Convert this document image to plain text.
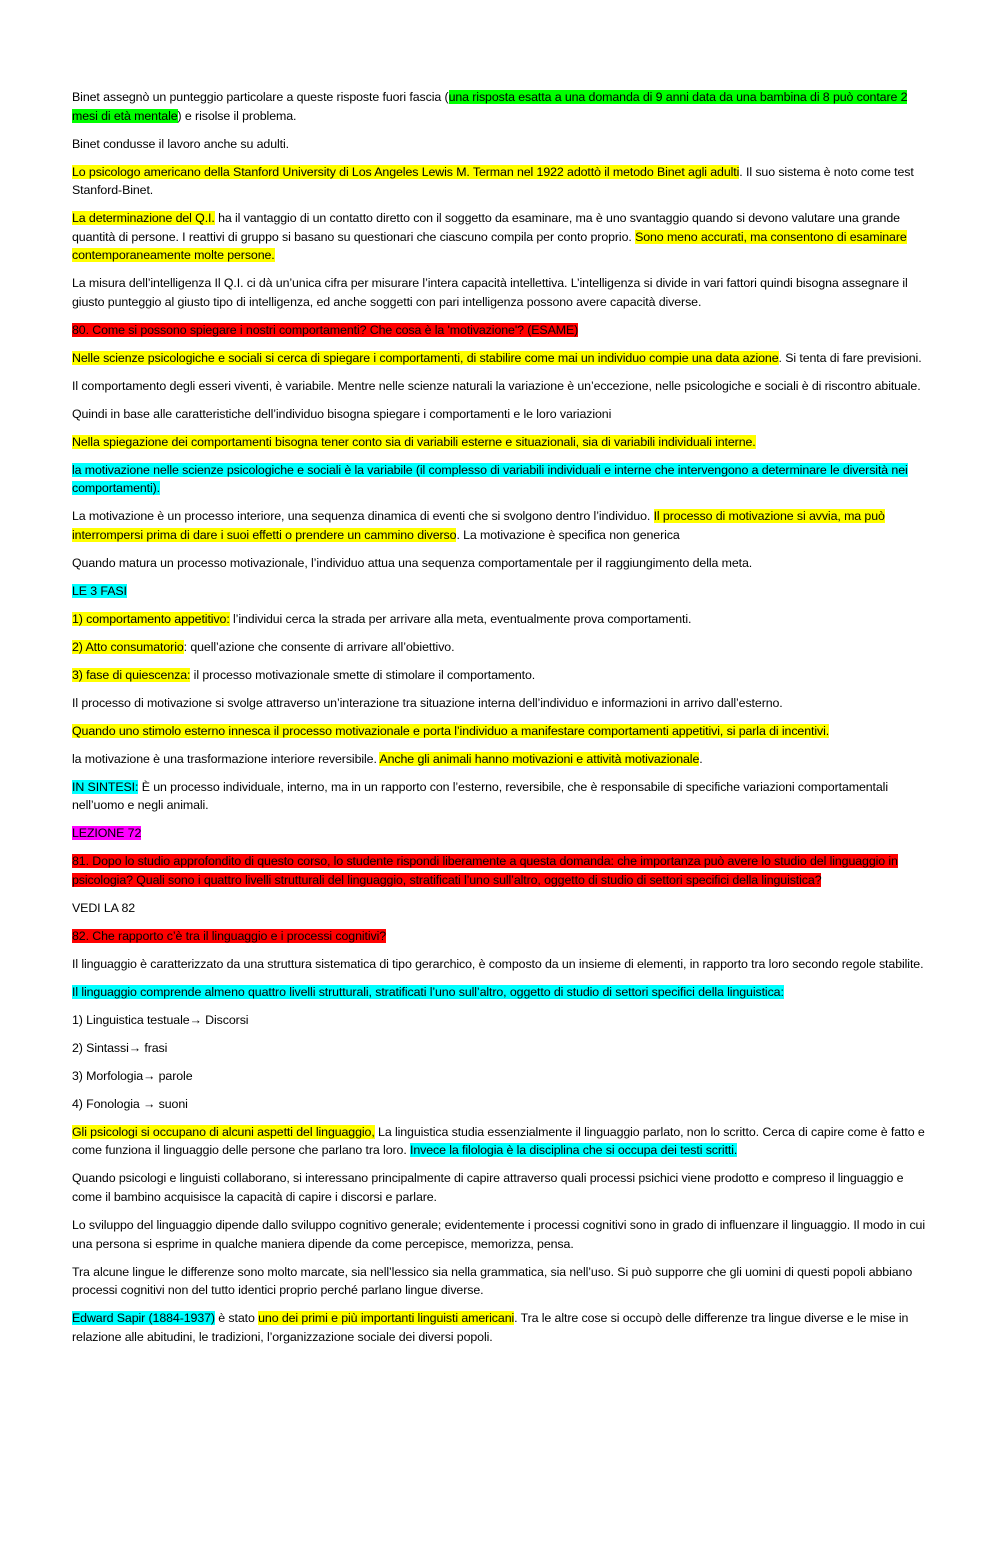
Binet assegnò un punteggio particolare a queste risposte fuori fascia (una risposta esatta a una domanda di 9 anni data da una bambina di 8 può contare 2 mesi di età mentale) e risolse il problema.

Binet condusse il lavoro anche su adulti.

Lo psicologo americano della Stanford University di Los Angeles Lewis M. Terman nel 1922 adottò il metodo Binet agli adulti. Il suo sistema è noto come test Stanford-Binet.

La determinazione del Q.I. ha il vantaggio di un contatto diretto con il soggetto da esaminare, ma è uno svantaggio quando si devono valutare una grande quantità di persone. I reattivi di gruppo si basano su questionari che ciascuno compila per conto proprio. Sono meno accurati, ma consentono di esaminare contemporaneamente molte persone.

La misura dell’intelligenza Il Q.I. ci dà un’unica cifra per misurare l’intera capacità intellettiva. L’intelligenza si divide in vari fattori quindi bisogna assegnare il giusto punteggio al giusto tipo di intelligenza, ed anche soggetti con pari intelligenza possono avere capacità diverse.

80. Come si possono spiegare i nostri comportamenti? Che cosa è la 'motivazione'? (ESAME)

Nelle scienze psicologiche e sociali si cerca di spiegare i comportamenti, di stabilire come mai un individuo compie una data azione. Si tenta di fare previsioni.

Il comportamento degli esseri viventi, è variabile. Mentre nelle scienze naturali la variazione è un’eccezione, nelle psicologiche e sociali è di riscontro abituale.

Quindi in base alle caratteristiche dell’individuo bisogna spiegare i comportamenti e le loro variazioni

Nella spiegazione dei comportamenti bisogna tener conto sia di variabili esterne e situazionali, sia di variabili individuali interne.

la motivazione nelle scienze psicologiche e sociali è la variabile (il complesso di variabili individuali e interne che intervengono a determinare le diversità nei comportamenti).

La motivazione è un processo interiore, una sequenza dinamica di eventi che si svolgono dentro l’individuo. Il processo di motivazione si avvia, ma può interrompersi prima di dare i suoi effetti o prendere un cammino diverso. La motivazione è specifica non generica

Quando matura un processo motivazionale, l’individuo attua una sequenza comportamentale per il raggiungimento della meta.

LE 3 FASI

1) comportamento appetitivo: l’individui cerca la strada per arrivare alla meta, eventualmente prova comportamenti.

2) Atto consumatorio: quell’azione che consente di arrivare all’obiettivo.

3) fase di quiescenza: il processo motivazionale smette di stimolare il comportamento.

Il processo di motivazione si svolge attraverso un’interazione tra situazione interna dell’individuo e informazioni in arrivo dall’esterno.

Quando uno stimolo esterno innesca il processo motivazionale e porta l’individuo a manifestare comportamenti appetitivi, si parla di incentivi.

la motivazione è una trasformazione interiore reversibile. Anche gli animali hanno motivazioni e attività motivazionale.

IN SINTESI: È un processo individuale, interno, ma in un rapporto con l’esterno, reversibile, che è responsabile di specifiche variazioni comportamentali nell’uomo e negli animali.

LEZIONE 72

81. Dopo lo studio approfondito di questo corso, lo studente rispondi liberamente a questa domanda: che importanza può avere lo studio del linguaggio in psicologia? Quali sono i quattro livelli strutturali del linguaggio, stratificati l’uno sull’altro, oggetto di studio di settori specifici della linguistica?

VEDI LA 82

82. Che rapporto c’è tra il linguaggio e i processi cognitivi?

Il linguaggio è caratterizzato da una struttura sistematica di tipo gerarchico, è composto da un insieme di elementi, in rapporto tra loro secondo regole stabilite.

Il linguaggio comprende almeno quattro livelli strutturali, stratificati l’uno sull’altro, oggetto di studio di settori specifici della linguistica:

1) Linguistica testuale→ Discorsi

2) Sintassi→ frasi

3) Morfologia→ parole

4) Fonologia → suoni

Gli psicologi si occupano di alcuni aspetti del linguaggio, La linguistica studia essenzialmente il linguaggio parlato, non lo scritto. Cerca di capire come è fatto e come funziona il linguaggio delle persone che parlano tra loro. Invece la filologia è la disciplina che si occupa dei testi scritti.

Quando psicologi e linguisti collaborano, si interessano principalmente di capire attraverso quali processi psichici viene prodotto e compreso il linguaggio e come il bambino acquisisce la capacità di capire i discorsi e parlare.

Lo sviluppo del linguaggio dipende dallo sviluppo cognitivo generale; evidentemente i processi cognitivi sono in grado di influenzare il linguaggio. Il modo in cui una persona si esprime in qualche maniera dipende da come percepisce, memorizza, pensa.

Tra alcune lingue le differenze sono molto marcate, sia nell’lessico sia nella grammatica, sia nell’uso. Si può supporre che gli uomini di questi popoli abbiano processi cognitivi non del tutto identici proprio perché parlano lingue diverse.

Edward Sapir (1884-1937) è stato uno dei primi e più importanti linguisti americani. Tra le altre cose si occupò delle differenze tra lingue diverse e le mise in relazione alle abitudini, le tradizioni, l’organizzazione sociale dei diversi popoli.
